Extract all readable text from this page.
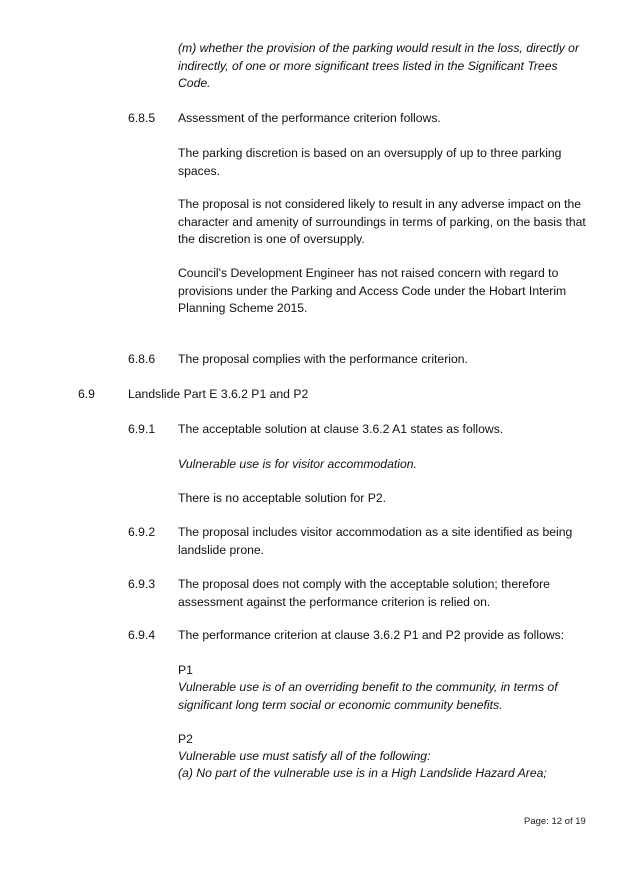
(m) whether the provision of the parking would result in the loss, directly or indirectly, of one or more significant trees listed in the Significant Trees Code.

6.8.5 Assessment of the performance criterion follows.

The parking discretion is based on an oversupply of up to three parking spaces.

The proposal is not considered likely to result in any adverse impact on the character and amenity of surroundings in terms of parking, on the basis that the discretion is one of oversupply.

Council's Development Engineer has not raised concern with regard to provisions under the Parking and Access Code under the Hobart Interim Planning Scheme 2015.

6.8.6 The proposal complies with the performance criterion.

6.9	Landslide Part E 3.6.2 P1 and P2

6.9.1 The acceptable solution at clause 3.6.2 A1 states as follows.

Vulnerable use is for visitor accommodation.

There is no acceptable solution for P2.

6.9.2 The proposal includes visitor accommodation as a site identified as being landslide prone.

6.9.3 The proposal does not comply with the acceptable solution; therefore assessment against the performance criterion is relied on.

6.9.4 The performance criterion at clause 3.6.2 P1 and P2 provide as follows:

P1

Vulnerable use is of an overriding benefit to the community, in terms of significant long term social or economic community benefits.

P2

Vulnerable use must satisfy all of the following:

(a) No part of the vulnerable use is in a High Landslide Hazard Area;

Page: 12 of 19
